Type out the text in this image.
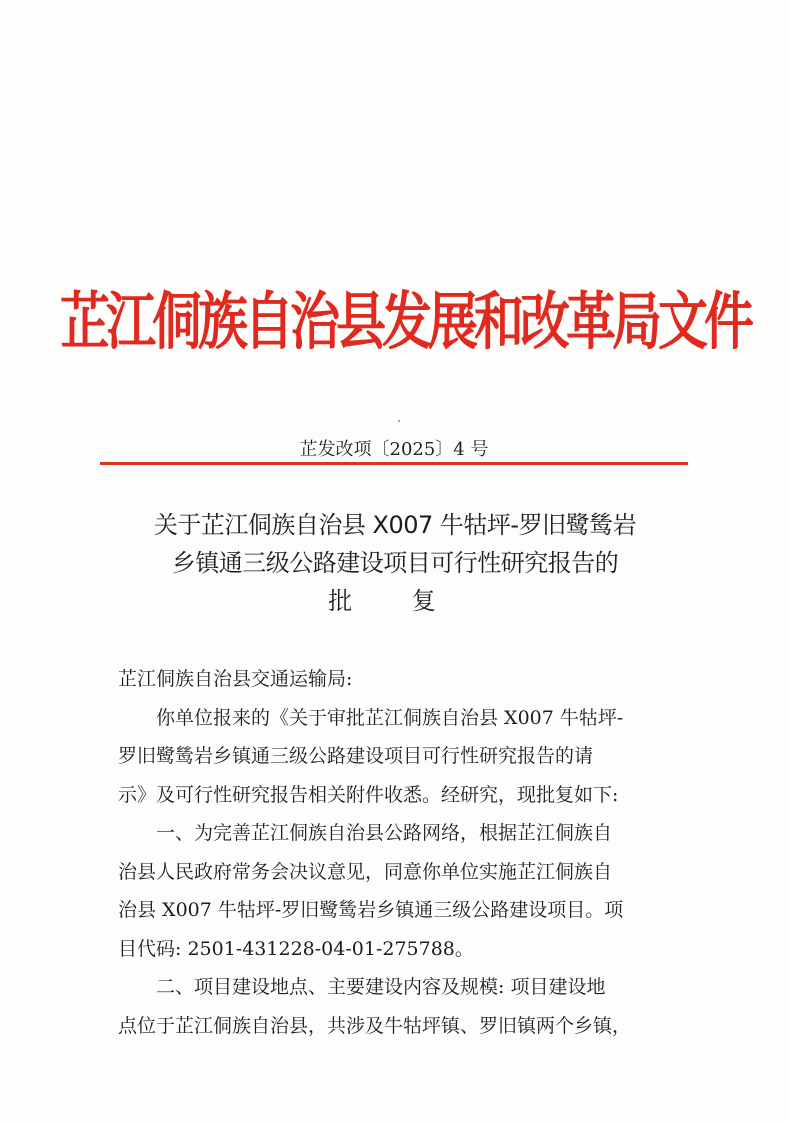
芷江侗族自治县发展和改革局文件
芷发改项〔2025〕4 号
关于芷江侗族自治县 X007 牛牯坪-罗旧鹭鸶岩
乡镇通三级公路建设项目可行性研究报告的
批 复
芷江侗族自治县交通运输局:
你单位报来的《关于审批芷江侗族自治县 X007 牛牯坪-
罗旧鹭鸶岩乡镇通三级公路建设项目可行性研究报告的请
示》及可行性研究报告相关附件收悉。经研究，现批复如下:
一、为完善芷江侗族自治县公路网络，根据芷江侗族自
治县人民政府常务会决议意见，同意你单位实施芷江侗族自
治县 X007 牛牯坪-罗旧鹭鸶岩乡镇通三级公路建设项目。项
目代码: 2501-431228-04-01-275788。
二、项目建设地点、主要建设内容及规模: 项目建设地
点位于芷江侗族自治县，共涉及牛牯坪镇、罗旧镇两个乡镇，
